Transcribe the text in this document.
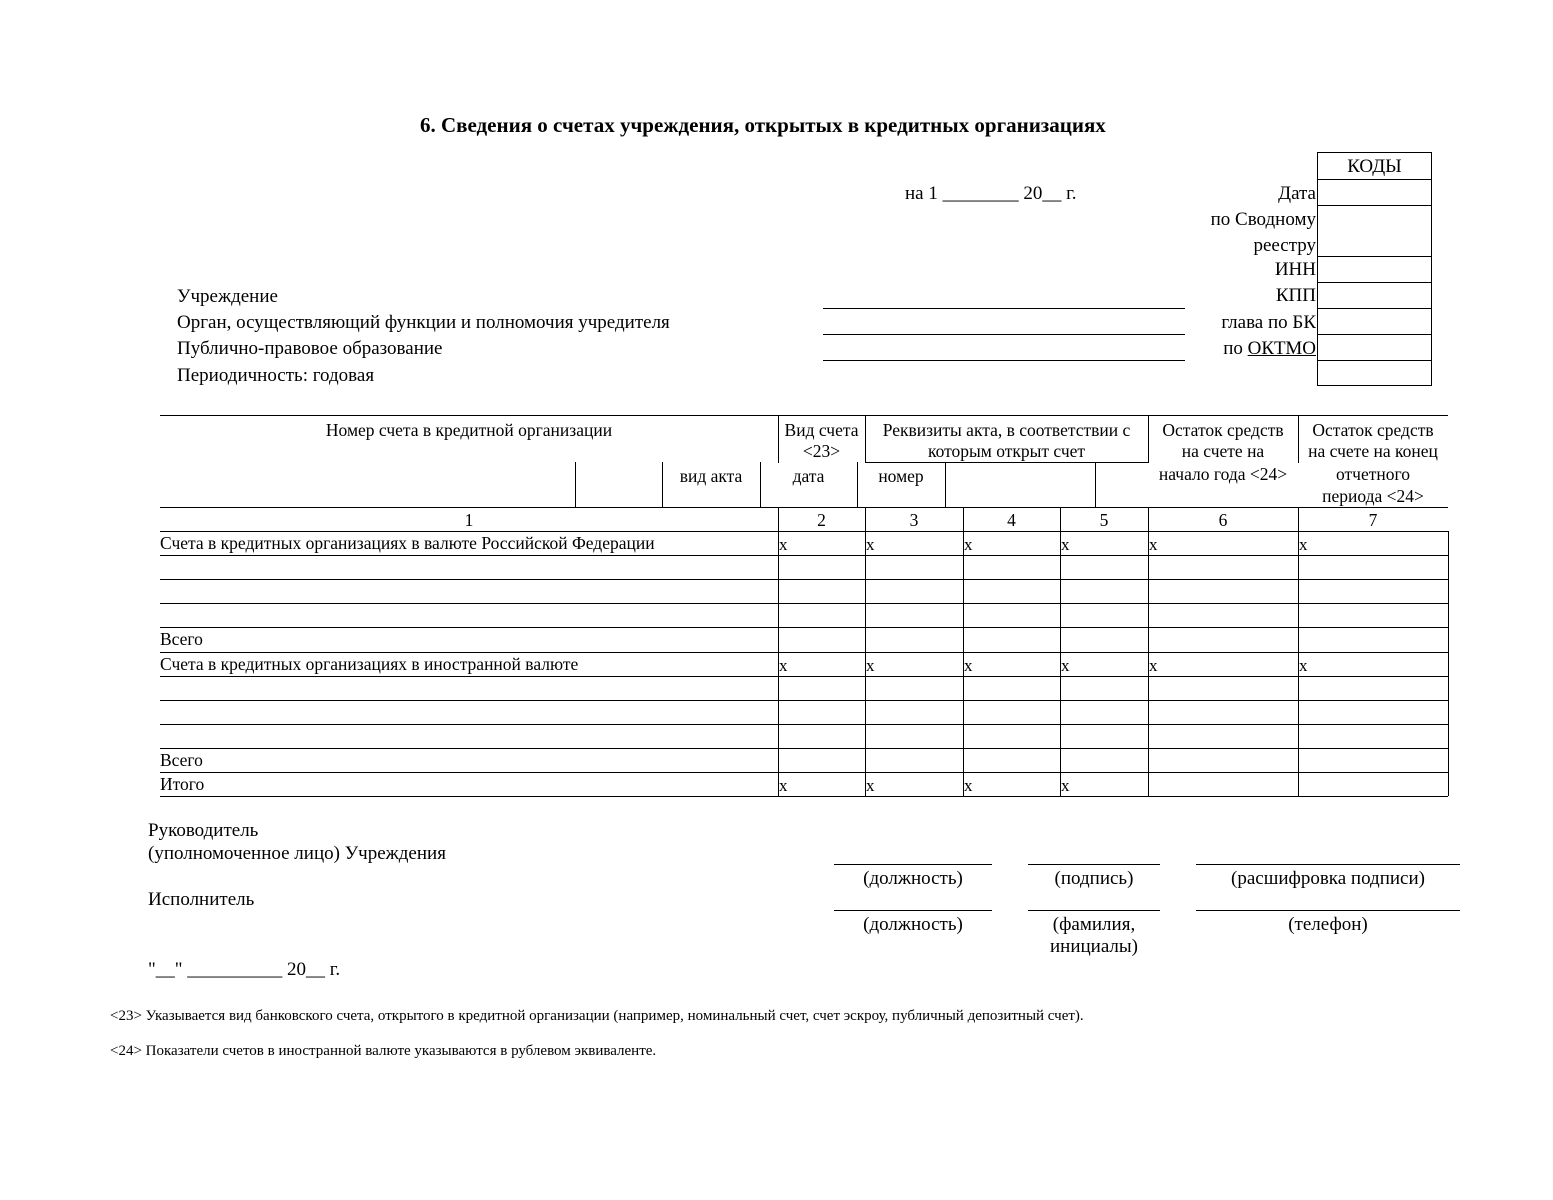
6. Сведения о счетах учреждения, открытых в кредитных организациях
на 1 ________ 20__ г.
КОДЫ
Дата
по Сводному
реестру
ИНН
КПП
глава по БК
по ОКТМО
Учреждение
Орган, осуществляющий функции и полномочия учредителя
Публично-правовое образование
Периодичность: годовая
Номер счета в кредитной организации	Вид счета
<23>
Реквизиты акта, в соответствии с
которым открыт счет
Остаток средств
на счете на
начало года <24>
Остаток средств
на счете на конец
отчетного
периода <24>
вид акта	дата	номер
1	2	3	4	5	6	7
Счета в кредитных организациях в валюте Российской Федерации	x	x	x	x	x	x
Всего
Счета в кредитных организациях в иностранной валюте	x	x	x	x	x	x
Всего
Итого	x	x	x	x
Руководитель
(уполномоченное лицо) Учреждения
Исполнитель
(должность)	(подпись)	(расшифровка подписи)
(должность)	(фамилия,
инициалы)
(телефон)
"__" __________ 20__ г.
<23> Указывается вид банковского счета, открытого в кредитной организации (например, номинальный счет, счет эскроу, публичный депозитный счет).
<24> Показатели счетов в иностранной валюте указываются в рублевом эквиваленте.
